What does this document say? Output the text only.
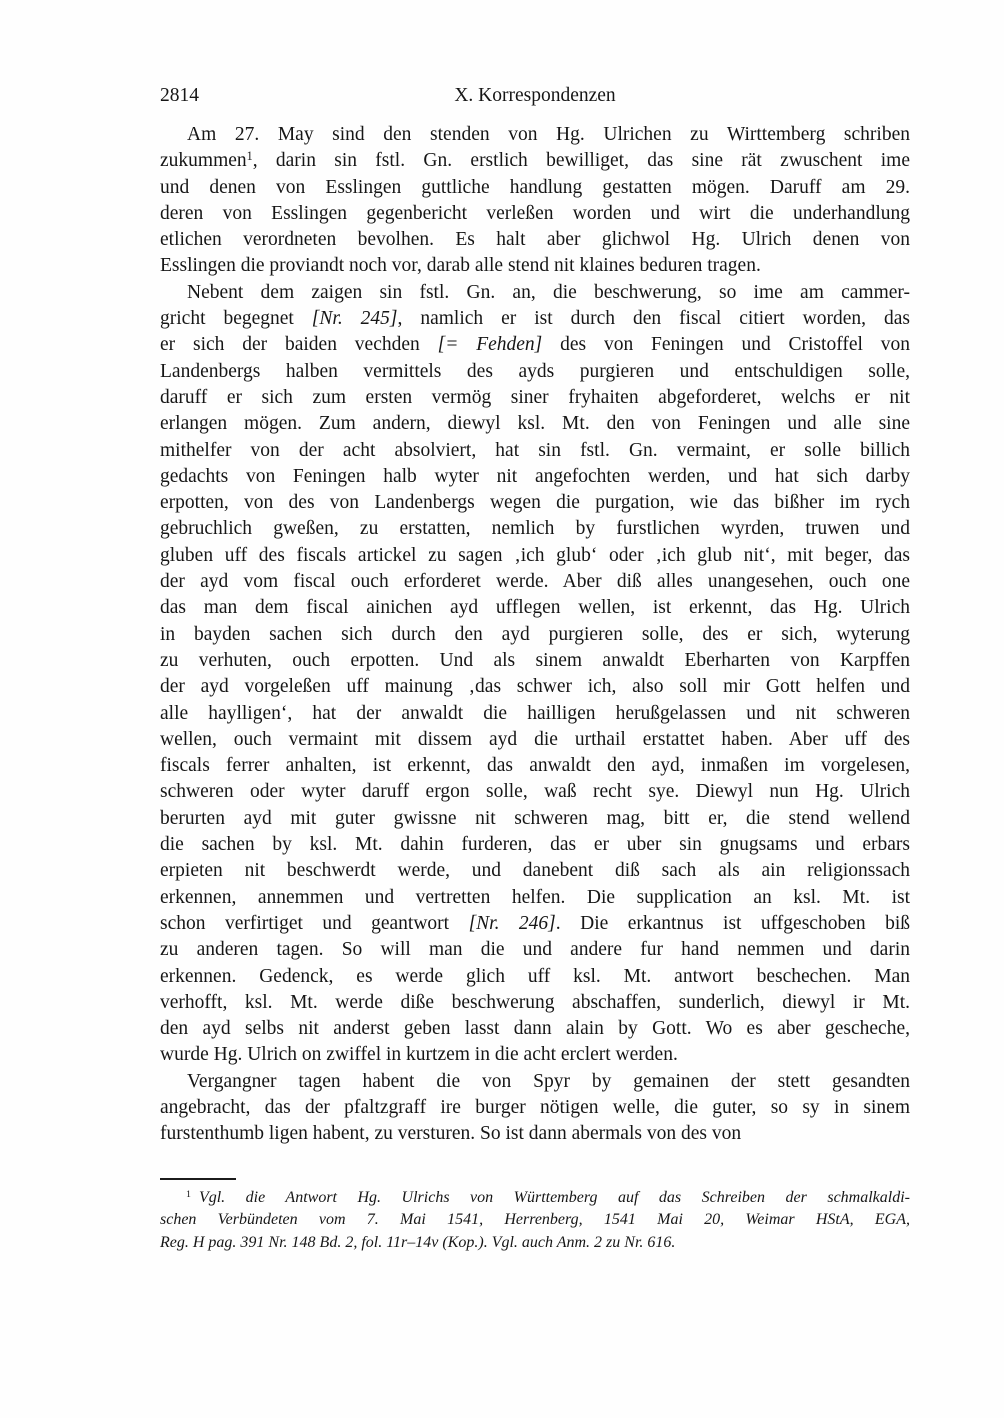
2814	X. Korrespondenzen
Am 27. May sind den stenden von Hg. Ulrichen zu Wirttemberg schriben
zukummen$^1$, darin sin fstl. Gn. erstlich bewilliget, das sine rät zwuschent ime
und denen von Esslingen guttliche handlung gestatten mögen. Daruff am 29.
deren von Esslingen gegenbericht verleßen worden und wirt die underhandlung
etlichen verordneten bevolhen. Es halt aber glichwol Hg. Ulrich denen von
Esslingen die proviandt noch vor, darab alle stend nit klaines beduren tragen.
Nebent dem zaigen sin fstl. Gn. an, die beschwerung, so ime am cammer-
gricht begegnet [Nr. 245], namlich er ist durch den fiscal citiert worden, das
er sich der baiden vechden [= Fehden] des von Feningen und Cristoffel von
Landenbergs halben vermittels des ayds purgieren und entschuldigen solle,
daruff er sich zum ersten vermög siner fryhaiten abgeforderet, welchs er nit
erlangen mögen. Zum andern, diewyl ksl. Mt. den von Feningen und alle sine
mithelfer von der acht absolviert, hat sin fstl. Gn. vermaint, er solle billich
gedachts von Feningen halb wyter nit angefochten werden, und hat sich darby
erpotten, von des von Landenbergs wegen die purgation, wie das bißher im rych
gebruchlich gweßen, zu erstatten, nemlich by furstlichen wyrden, truwen und
gluben uff des fiscals artickel zu sagen ‚ich glub‘ oder ‚ich glub nit‘, mit beger, das
der ayd vom fiscal ouch erforderet werde. Aber diß alles unangesehen, ouch one
das man dem fiscal ainichen ayd ufflegen wellen, ist erkennt, das Hg. Ulrich
in bayden sachen sich durch den ayd purgieren solle, des er sich, wyterung
zu verhuten, ouch erpotten. Und als sinem anwaldt Eberharten von Karpffen
der ayd vorgeleßen uff mainung ‚das schwer ich, also soll mir Gott helfen und
alle haylligen‘, hat der anwaldt die hailligen herußgelassen und nit schweren
wellen, ouch vermaint mit dissem ayd die urthail erstattet haben. Aber uff des
fiscals ferrer anhalten, ist erkennt, das anwaldt den ayd, inmaßen im vorgelesen,
schweren oder wyter daruff ergon solle, waß recht sye. Diewyl nun Hg. Ulrich
berurten ayd mit guter gwissne nit schweren mag, bitt er, die stend wellend
die sachen by ksl. Mt. dahin furderen, das er uber sin gnugsams und erbars
erpieten nit beschwerdt werde, und danebent diß sach als ain religionssach
erkennen, annemmen und vertretten helfen. Die supplication an ksl. Mt. ist
schon verfirtiget und geantwort [Nr. 246]. Die erkantnus ist uffgeschoben biß
zu anderen tagen. So will man die und andere fur hand nemmen und darin
erkennen. Gedenck, es werde glich uff ksl. Mt. antwort beschechen. Man
verhofft, ksl. Mt. werde diße beschwerung abschaffen, sunderlich, diewyl ir Mt.
den ayd selbs nit anderst geben lasst dann alain by Gott. Wo es aber gescheche,
wurde Hg. Ulrich on zwiffel in kurtzem in die acht erclert werden.
Vergangner tagen habent die von Spyr by gemainen der stett gesandten
angebracht, das der pfaltzgraff ire burger nötigen welle, die guter, so sy in sinem
furstenthumb ligen habent, zu versturen. So ist dann abermals von des von
$^1$ Vgl. die Antwort Hg. Ulrichs von Württemberg auf das Schreiben der schmalkaldi-
schen Verbündeten vom 7. Mai 1541, Herrenberg, 1541 Mai 20, Weimar HStA, EGA,
Reg. H pag. 391 Nr. 148 Bd. 2, fol. 11r–14v (Kop.). Vgl. auch Anm. 2 zu Nr. 616.
